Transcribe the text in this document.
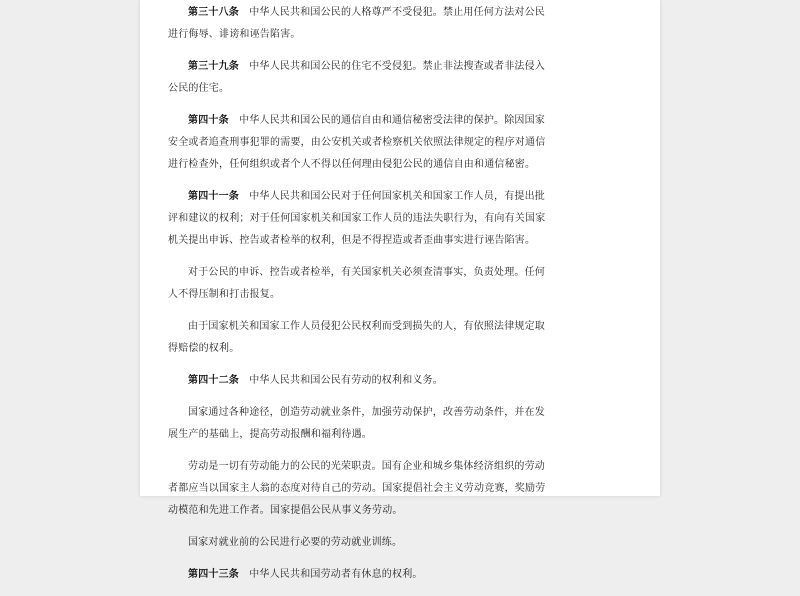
第三十八条  中华人民共和国公民的人格尊严不受侵犯。禁止用任何方法对公民进行侮辱、诽谤和诬告陷害。

第三十九条  中华人民共和国公民的住宅不受侵犯。禁止非法搜查或者非法侵入公民的住宅。

第四十条  中华人民共和国公民的通信自由和通信秘密受法律的保护。除因国家安全或者追查刑事犯罪的需要，由公安机关或者检察机关依照法律规定的程序对通信进行检查外，任何组织或者个人不得以任何理由侵犯公民的通信自由和通信秘密。

第四十一条  中华人民共和国公民对于任何国家机关和国家工作人员，有提出批评和建议的权利；对于任何国家机关和国家工作人员的违法失职行为，有向有关国家机关提出申诉、控告或者检举的权利，但是不得捏造或者歪曲事实进行诬告陷害。

对于公民的申诉、控告或者检举，有关国家机关必须查清事实，负责处理。任何人不得压制和打击报复。

由于国家机关和国家工作人员侵犯公民权利而受到损失的人，有依照法律规定取得赔偿的权利。

第四十二条  中华人民共和国公民有劳动的权利和义务。

国家通过各种途径，创造劳动就业条件，加强劳动保护，改善劳动条件，并在发展生产的基础上，提高劳动报酬和福利待遇。

劳动是一切有劳动能力的公民的光荣职责。国有企业和城乡集体经济组织的劳动者都应当以国家主人翁的态度对待自己的劳动。国家提倡社会主义劳动竞赛，奖励劳动模范和先进工作者。国家提倡公民从事义务劳动。

国家对就业前的公民进行必要的劳动就业训练。

第四十三条  中华人民共和国劳动者有休息的权利。
